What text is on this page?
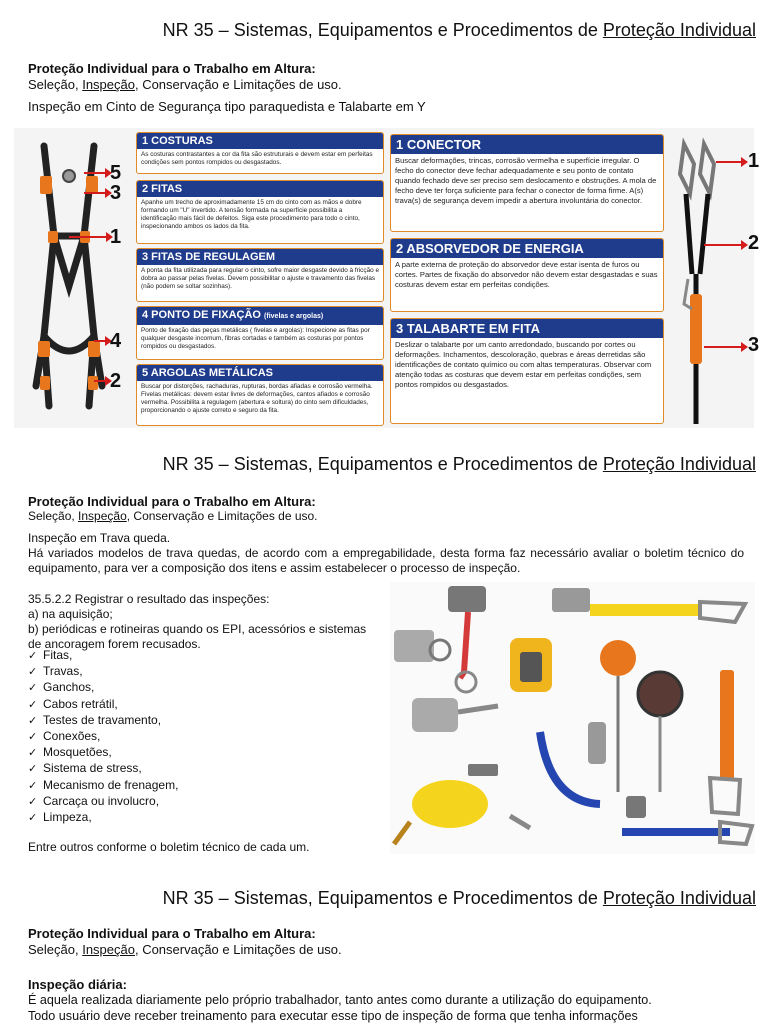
NR 35 – Sistemas, Equipamentos e Procedimentos de Proteção Individual
Proteção Individual para o Trabalho em Altura:
Seleção, Inspeção, Conservação e Limitações de uso.
Inspeção em Cinto de Segurança tipo paraquedista e Talabarte em Y
5
3
1
4
2
1 COSTURAS
As costuras contrastantes a cor da fita são estruturais e devem estar em perfeitas condições sem pontos rompidos ou desgastados.
2 FITAS
Apanhe um trecho de aproximadamente 15 cm do cinto com as mãos e dobre formando um "U" invertido. A tensão formada na superfície possibilita a identificação mais fácil de defeitos. Siga este procedimento para todo o cinto, inspecionando ambos os lados da fita.
3 FITAS DE REGULAGEM
A ponta da fita utilizada para regular o cinto, sofre maior desgaste devido à fricção e dobra ao passar pelas fivelas. Devem possibilitar o ajuste e travamento das fivelas (não podem se soltar sozinhas).
4 PONTO DE FIXAÇÃO (fivelas e argolas)
Ponto de fixação das peças metálicas ( fivelas e argolas): Inspecione as fitas por qualquer desgaste incomum, fibras cortadas e também as costuras por pontos rompidos ou desgastados.
5 ARGOLAS METÁLICAS
Buscar por distorções, rachaduras, rupturas, bordas afiadas e corrosão vermelha. Fivelas metálicas: devem estar livres de deformações, cantos afiados e corrosão vermelha. Possibilita a regulagem (abertura e soltura) do cinto sem dificuldades, proporcionando o ajuste correto e seguro da fita.
1 CONECTOR
Buscar deformações, trincas, corrosão vermelha e superfície irregular. O fecho do conector deve fechar adequadamente e seu ponto de contato quando fechado deve ser preciso sem deslocamento e obstruções. A mola de fecho deve ter força suficiente para fechar o conector de forma firme. A(s) trava(s) de segurança devem impedir a abertura involuntária do conector.
2 ABSORVEDOR DE ENERGIA
A parte externa de proteção do absorvedor deve estar isenta de furos ou cortes. Partes de fixação do absorvedor não devem estar desgastadas e suas costuras devem estar em perfeitas condições.
3 TALABARTE EM FITA
Deslizar o talabarte por um canto arredondado, buscando por cortes ou deformações. Inchamentos, descoloração, quebras e áreas derretidas são identificações de contato químico ou com altas temperaturas. Observar com atenção todas as costuras que devem estar em perfeitas condições, sem pontos rompidos ou desgastados.
1
2
3
NR 35 – Sistemas, Equipamentos e Procedimentos de Proteção Individual
Proteção Individual para o Trabalho em Altura:
Seleção, Inspeção, Conservação e Limitações de uso.
Inspeção em Trava queda.
Há variados modelos de trava quedas, de acordo com a empregabilidade, desta forma faz necessário avaliar o boletim técnico do equipamento, para ver a composição dos itens e assim estabelecer o processo de inspeção.
35.5.2.2 Registrar o resultado das inspeções:
a) na aquisição;
b) periódicas e rotineiras quando os EPI, acessórios e sistemas
de ancoragem forem recusados.
✓ Fitas,
✓ Travas,
✓ Ganchos,
✓ Cabos retrátil,
✓ Testes de travamento,
✓ Conexões,
✓ Mosquetões,
✓ Sistema de stress,
✓ Mecanismo de frenagem,
✓ Carcaça ou involucro,
✓ Limpeza,
Entre outros conforme o boletim técnico de cada um.
NR 35 – Sistemas, Equipamentos e Procedimentos de Proteção Individual
Proteção Individual para o Trabalho em Altura:
Seleção, Inspeção, Conservação e Limitações de uso.
Inspeção diária:
É aquela realizada diariamente pelo próprio trabalhador, tanto antes como durante a utilização do equipamento.
Todo usuário deve receber treinamento para executar esse tipo de inspeção de forma que tenha informações
